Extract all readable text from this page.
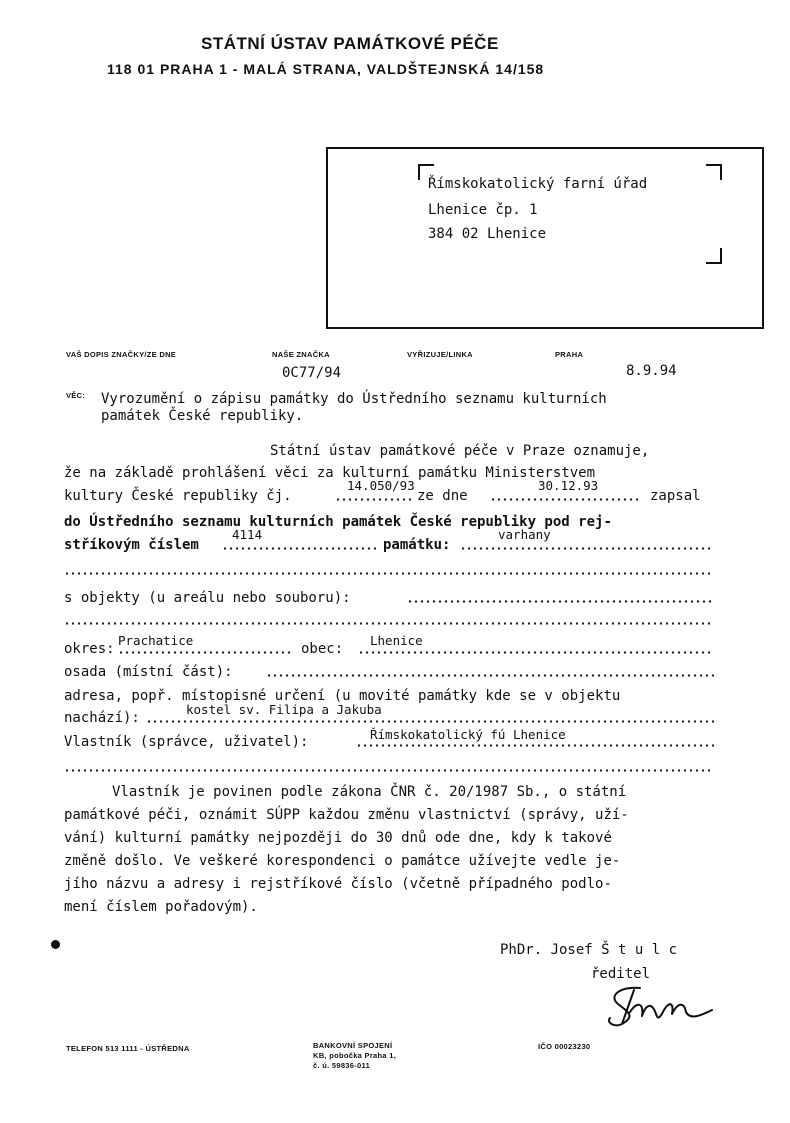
STÁTNÍ ÚSTAV PAMÁTKOVÉ PÉČE
118 01 PRAHA 1 - MALÁ STRANA, VALDŠTEJNSKÁ 14/158
Římskokatolický farní úřad
Lhenice čp. 1
384 02 Lhenice
VAŠ DOPIS ZNAČKY/ZE DNE	NAŠE ZNAČKA	VYŘIZUJE/LINKA	PRAHA
0C77/94	8.9.94
VĚC: Vyrozumění o zápisu památky do Ústředního seznamu kulturních
památek České republiky.
Státní ústav památkové péče v Praze oznamuje,
že na základě prohlášení věci za kulturní památku Ministerstvem
kultury České republiky čj.	ze dne	zapsal
14.050/93	30.12.93
do Ústředního seznamu kulturních památek České republiky pod rej-
stříkovým číslem	památku:
4114	varhany
s objekty (u areálu nebo souboru):
okres:
Prachatice
obec:
Lhenice
osada (místní část):
adresa, popř. místopisné určení (u movité památky kde se v objektu
nachází):
kostel sv. Filipa a Jakuba
Vlastník (správce, uživatel):	Římskokatolický fú Lhenice
Vlastník je povinen podle zákona ČNR č. 20/1987 Sb., o státní
památkové péči, oznámit SÚPP každou změnu vlastnictví (správy, uží-
vání) kulturní památky nejpozději do 30 dnů ode dne, kdy k takové
změně došlo. Ve veškeré korespondenci o památce užívejte vedle je-
jího názvu a adresy i rejstříkové číslo (včetně případného podlo-
mení číslem pořadovým).
PhDr. Josef Š t u l c
ředitel
TELEFON 513 1111 - ÚSTŘEDNA	BANKOVNÍ SPOJENÍ
KB, pobočka Praha 1,
č. ú. 59836-011
IČO 00023230
